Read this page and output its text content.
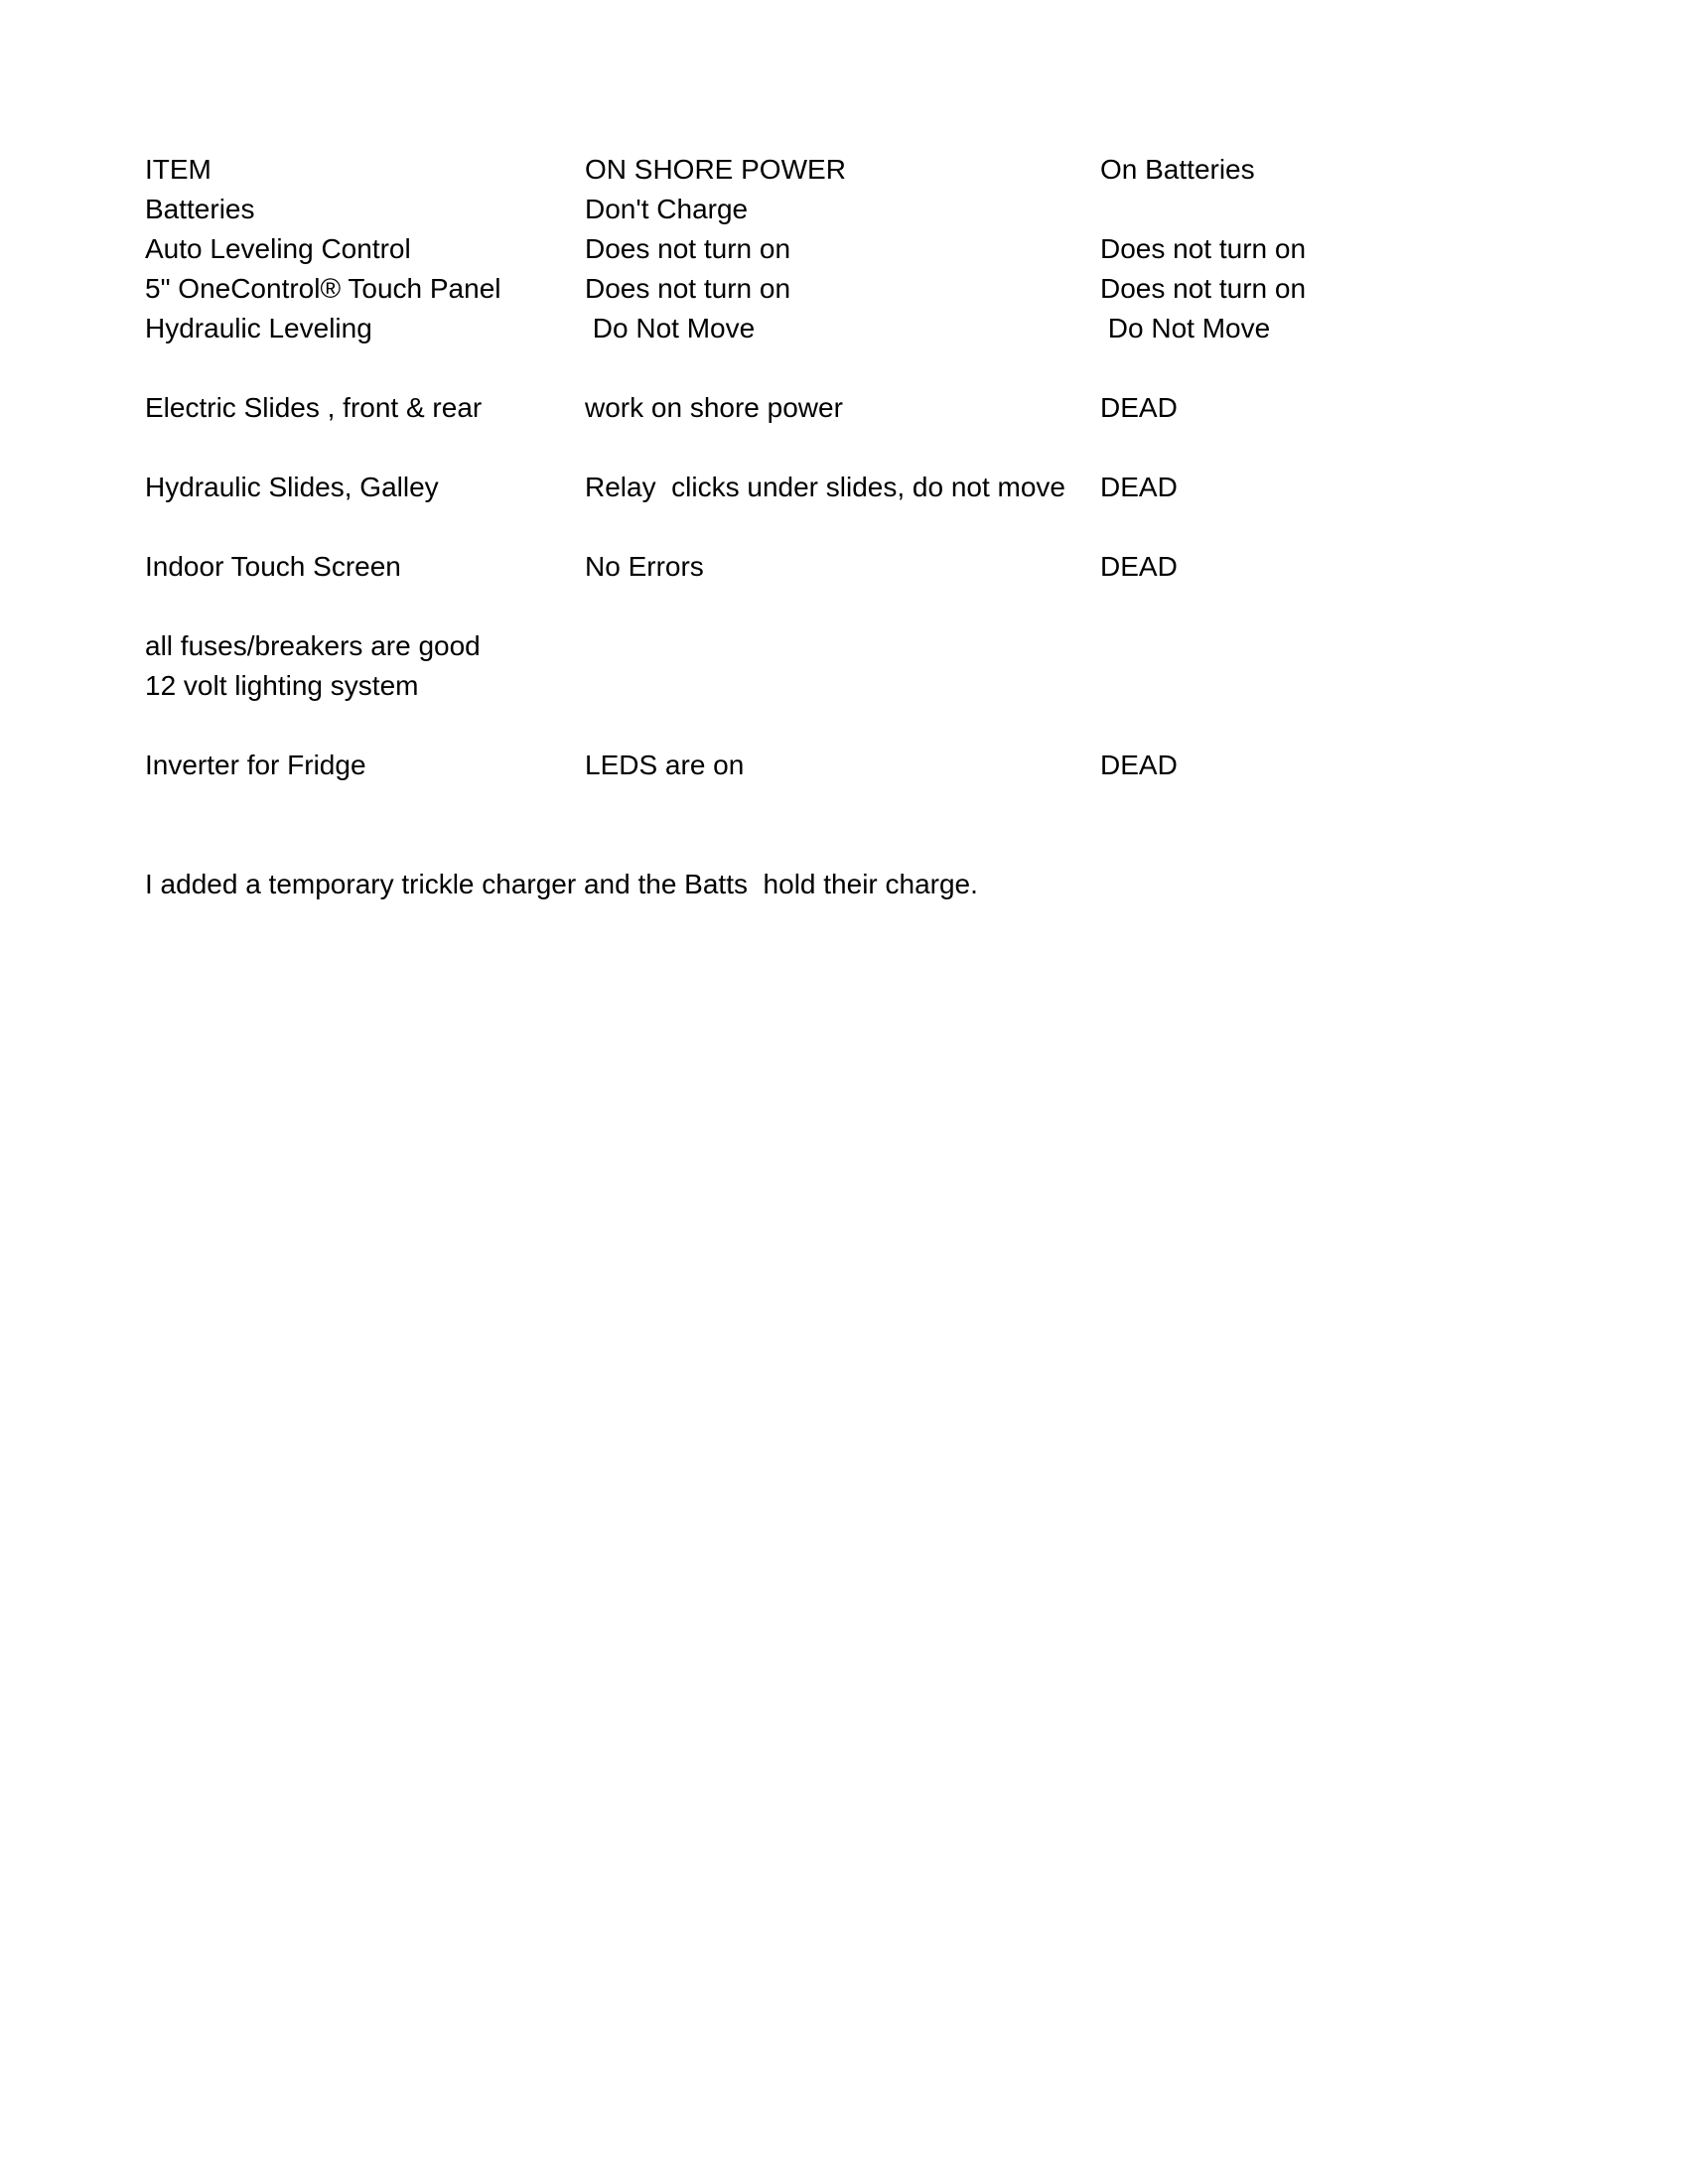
ITEM

	ON SHORE POWER

	On Batteries

Batteries

	Don't Charge

Auto Leveling Control

	Does not turn on

	Does not turn on

5" OneControl® Touch Panel

	Does not turn on

	Does not turn on

Hydraulic Leveling

	Do Not Move

	Do Not Move

Electric Slides , front & rear

	work on shore power

	DEAD

Hydraulic Slides, Galley

	Relay  clicks under slides, do not move

	DEAD

Indoor Touch Screen

	No Errors

	DEAD

all fuses/breakers are good

12 volt lighting system

Inverter for Fridge

	LEDS are on

	DEAD

I added a temporary trickle charger and the Batts  hold their charge.
